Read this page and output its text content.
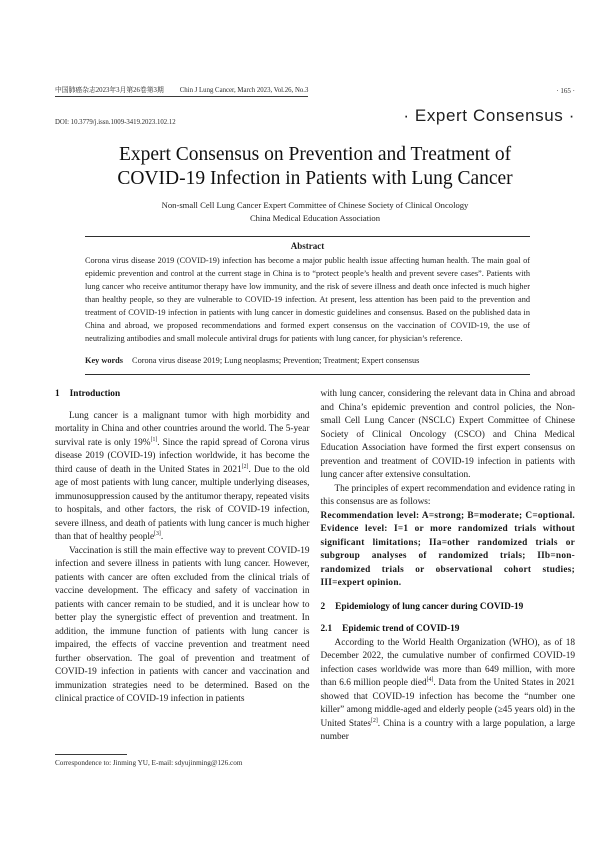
中国肺癌杂志2023年3月第26卷第3期 Chin J Lung Cancer, March 2023, Vol.26, No.3	· 165 ·
DOI: 10.3779/j.issn.1009-3419.2023.102.12	· Expert Consensus ·
Expert Consensus on Prevention and Treatment of
COVID-19 Infection in Patients with Lung Cancer
Non-small Cell Lung Cancer Expert Committee of Chinese Society of Clinical Oncology
China Medical Education Association
Abstract
Corona virus disease 2019 (COVID-19) infection has become a major public health issue affecting human health. The main goal of epidemic prevention and control at the current stage in China is to “protect people’s health and prevent severe cases”. Patients with lung cancer who receive antitumor therapy have low immunity, and the risk of severe illness and death once infected is much higher than healthy people, so they are vulnerable to COVID-19 infection. At present, less attention has been paid to the prevention and treatment of COVID-19 infection in patients with lung cancer in domestic guidelines and consensus. Based on the published data in China and abroad, we proposed recommendations and formed expert consensus on the vaccination of COVID-19, the use of neutralizing antibodies and small molecule antiviral drugs for patients with lung cancer, for physician’s reference.
Key words Corona virus disease 2019; Lung neoplasms; Prevention; Treatment; Expert consensus
1 Introduction

Lung cancer is a malignant tumor with high morbidity and mortality in China and other countries around the world. The 5-year survival rate is only 19%[1]. Since the rapid spread of Corona virus disease 2019 (COVID-19) infection worldwide, it has become the third cause of death in the United States in 2021[2]. Due to the old age of most patients with lung cancer, multiple underlying diseases, immunosuppression caused by the antitumor therapy, repeated visits to hospitals, and other factors, the risk of COVID-19 infection, severe illness, and death of patients with lung cancer is much higher than that of healthy people[3].

Vaccination is still the main effective way to prevent COVID-19 infection and severe illness in patients with lung cancer. However, patients with cancer are often excluded from the clinical trials of vaccine development. The efficacy and safety of vaccination in patients with cancer remain to be studied, and it is unclear how to better play the synergistic effect of prevention and treatment. In addition, the immune function of patients with lung cancer is impaired, the effects of vaccine prevention and treatment need further observation. The goal of prevention and treatment of COVID-19 infection in patients with cancer and vaccination and immunization strategies need to be determined. Based on the clinical practice of COVID-19 infection in patients

with lung cancer, considering the relevant data in China and abroad and China’s epidemic prevention and control policies, the Non-small Cell Lung Cancer (NSCLC) Expert Committee of Chinese Society of Clinical Oncology (CSCO) and China Medical Education Association have formed the first expert consensus on prevention and treatment of COVID-19 infection in patients with lung cancer after extensive consultation.

The principles of expert recommendation and evidence rating in this consensus are as follows:

Recommendation level: A=strong; B=moderate; C=optional. Evidence level: I=1 or more randomized trials without significant limitations; IIa=other randomized trials or subgroup analyses of randomized trials; IIb=non-randomized trials or observational cohort studies; III=expert opinion.

2 Epidemiology of lung cancer during COVID-19
2.1 Epidemic trend of COVID-19

According to the World Health Organization (WHO), as of 18 December 2022, the cumulative number of confirmed COVID-19 infection cases worldwide was more than 649 million, with more than 6.6 million people died[4]. Data from the United States in 2021 showed that COVID-19 infection has become the “number one killer” among middle-aged and elderly people (≥45 years old) in the United States[2]. China is a country with a large population, a large number

Correspondence to: Jinming YU, E-mail: sdyujinming@126.com
